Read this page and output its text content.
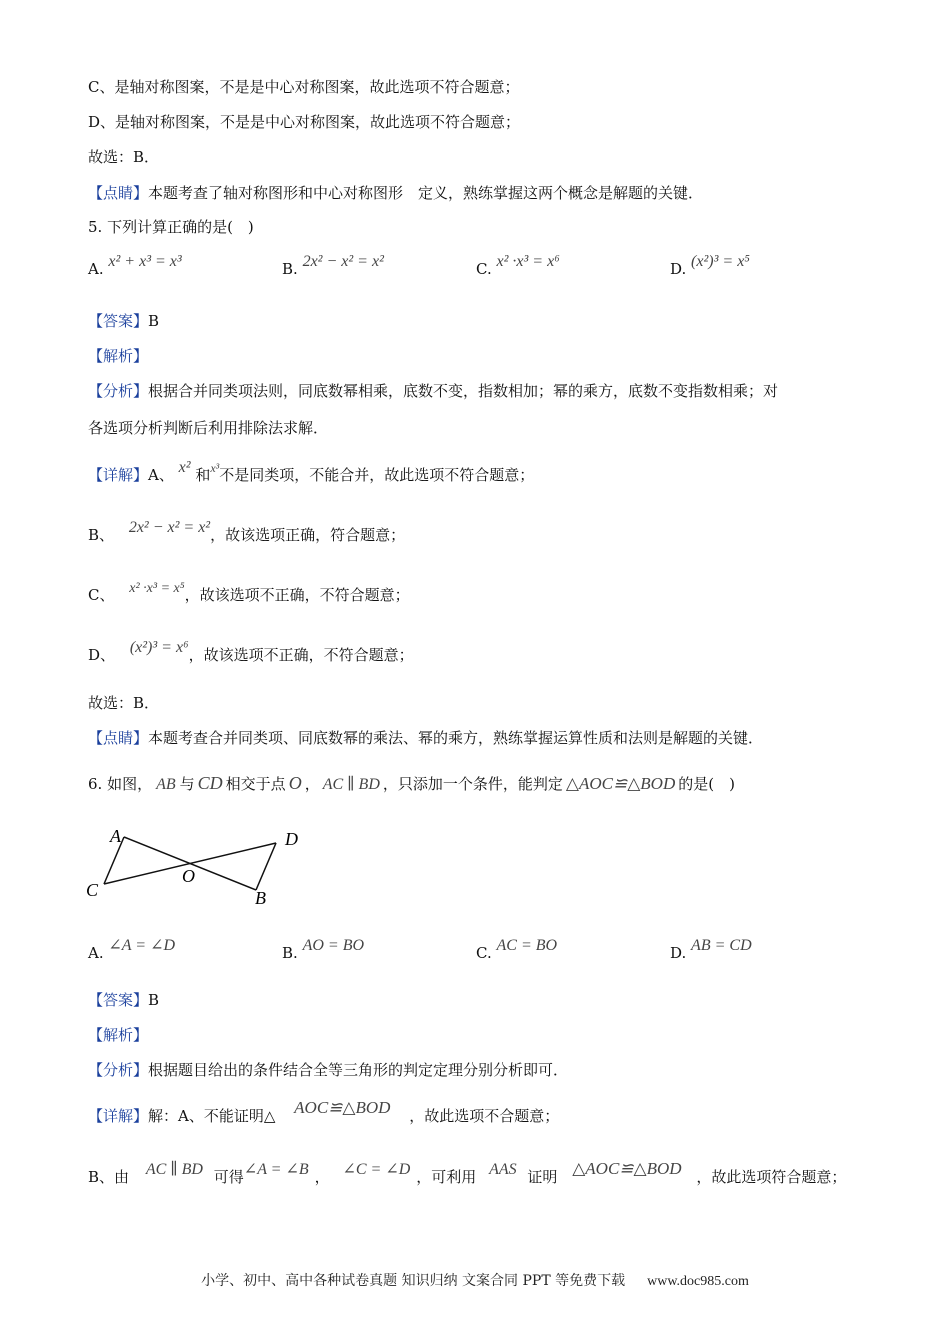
C、是轴对称图案，不是是中心对称图案，故此选项不符合题意；
D、是轴对称图案，不是是中心对称图案，故此选项不符合题意；
故选：B．
【点睛】本题考查了轴对称图形和中心对称图形　定义，熟练掌握这两个概念是解题的关键．
5. 下列计算正确的是(　)
A. x² + x³ = x³	B. 2x² − x² = x²	C. x² ·x³ = x⁶	D. (x²)³ = x⁵
【答案】B
【解析】
【分析】根据合并同类项法则，同底数幂相乘，底数不变，指数相加；幂的乘方，底数不变指数相乘；对
各选项分析判断后利用排除法求解．
【详解】A、 x² 和$^{x^3}$不是同类项，不能合并，故此选项不符合题意；
B、 2x² − x² = x²，故该选项正确，符合题意；
C、 x² ·x³ = x⁵，故该选项不正确，不符合题意；
D、 (x²)³ = x⁶，故该选项不正确，不符合题意；
故选：B．
【点睛】本题考查合并同类项、同底数幂的乘法、幂的乘方，熟练掌握运算性质和法则是解题的关键．
6. 如图， AB 与 CD 相交于点 O ， AC ∥ BD ，只添加一个条件，能判定 △AOC≌△BOD 的是(　)
A	D
O
C	B
A. ∠A = ∠D	B. AO = BO	C. AC = BO	D. AB = CD
【答案】B
【解析】
【分析】根据题目给出的条件结合全等三角形的判定定理分别分析即可．
【详解】解：A、不能证明△ AOC≌△BOD ，故此选项不合题意；
B、由 AC ∥ BD 可得∠A = ∠B ， ∠C = ∠D ，可利用 AAS 证明 △AOC≌△BOD ，故此选项符合题意；
小学、初中、高中各种试卷真题 知识归纳 文案合同 PPT 等免费下载 www.doc985.com
